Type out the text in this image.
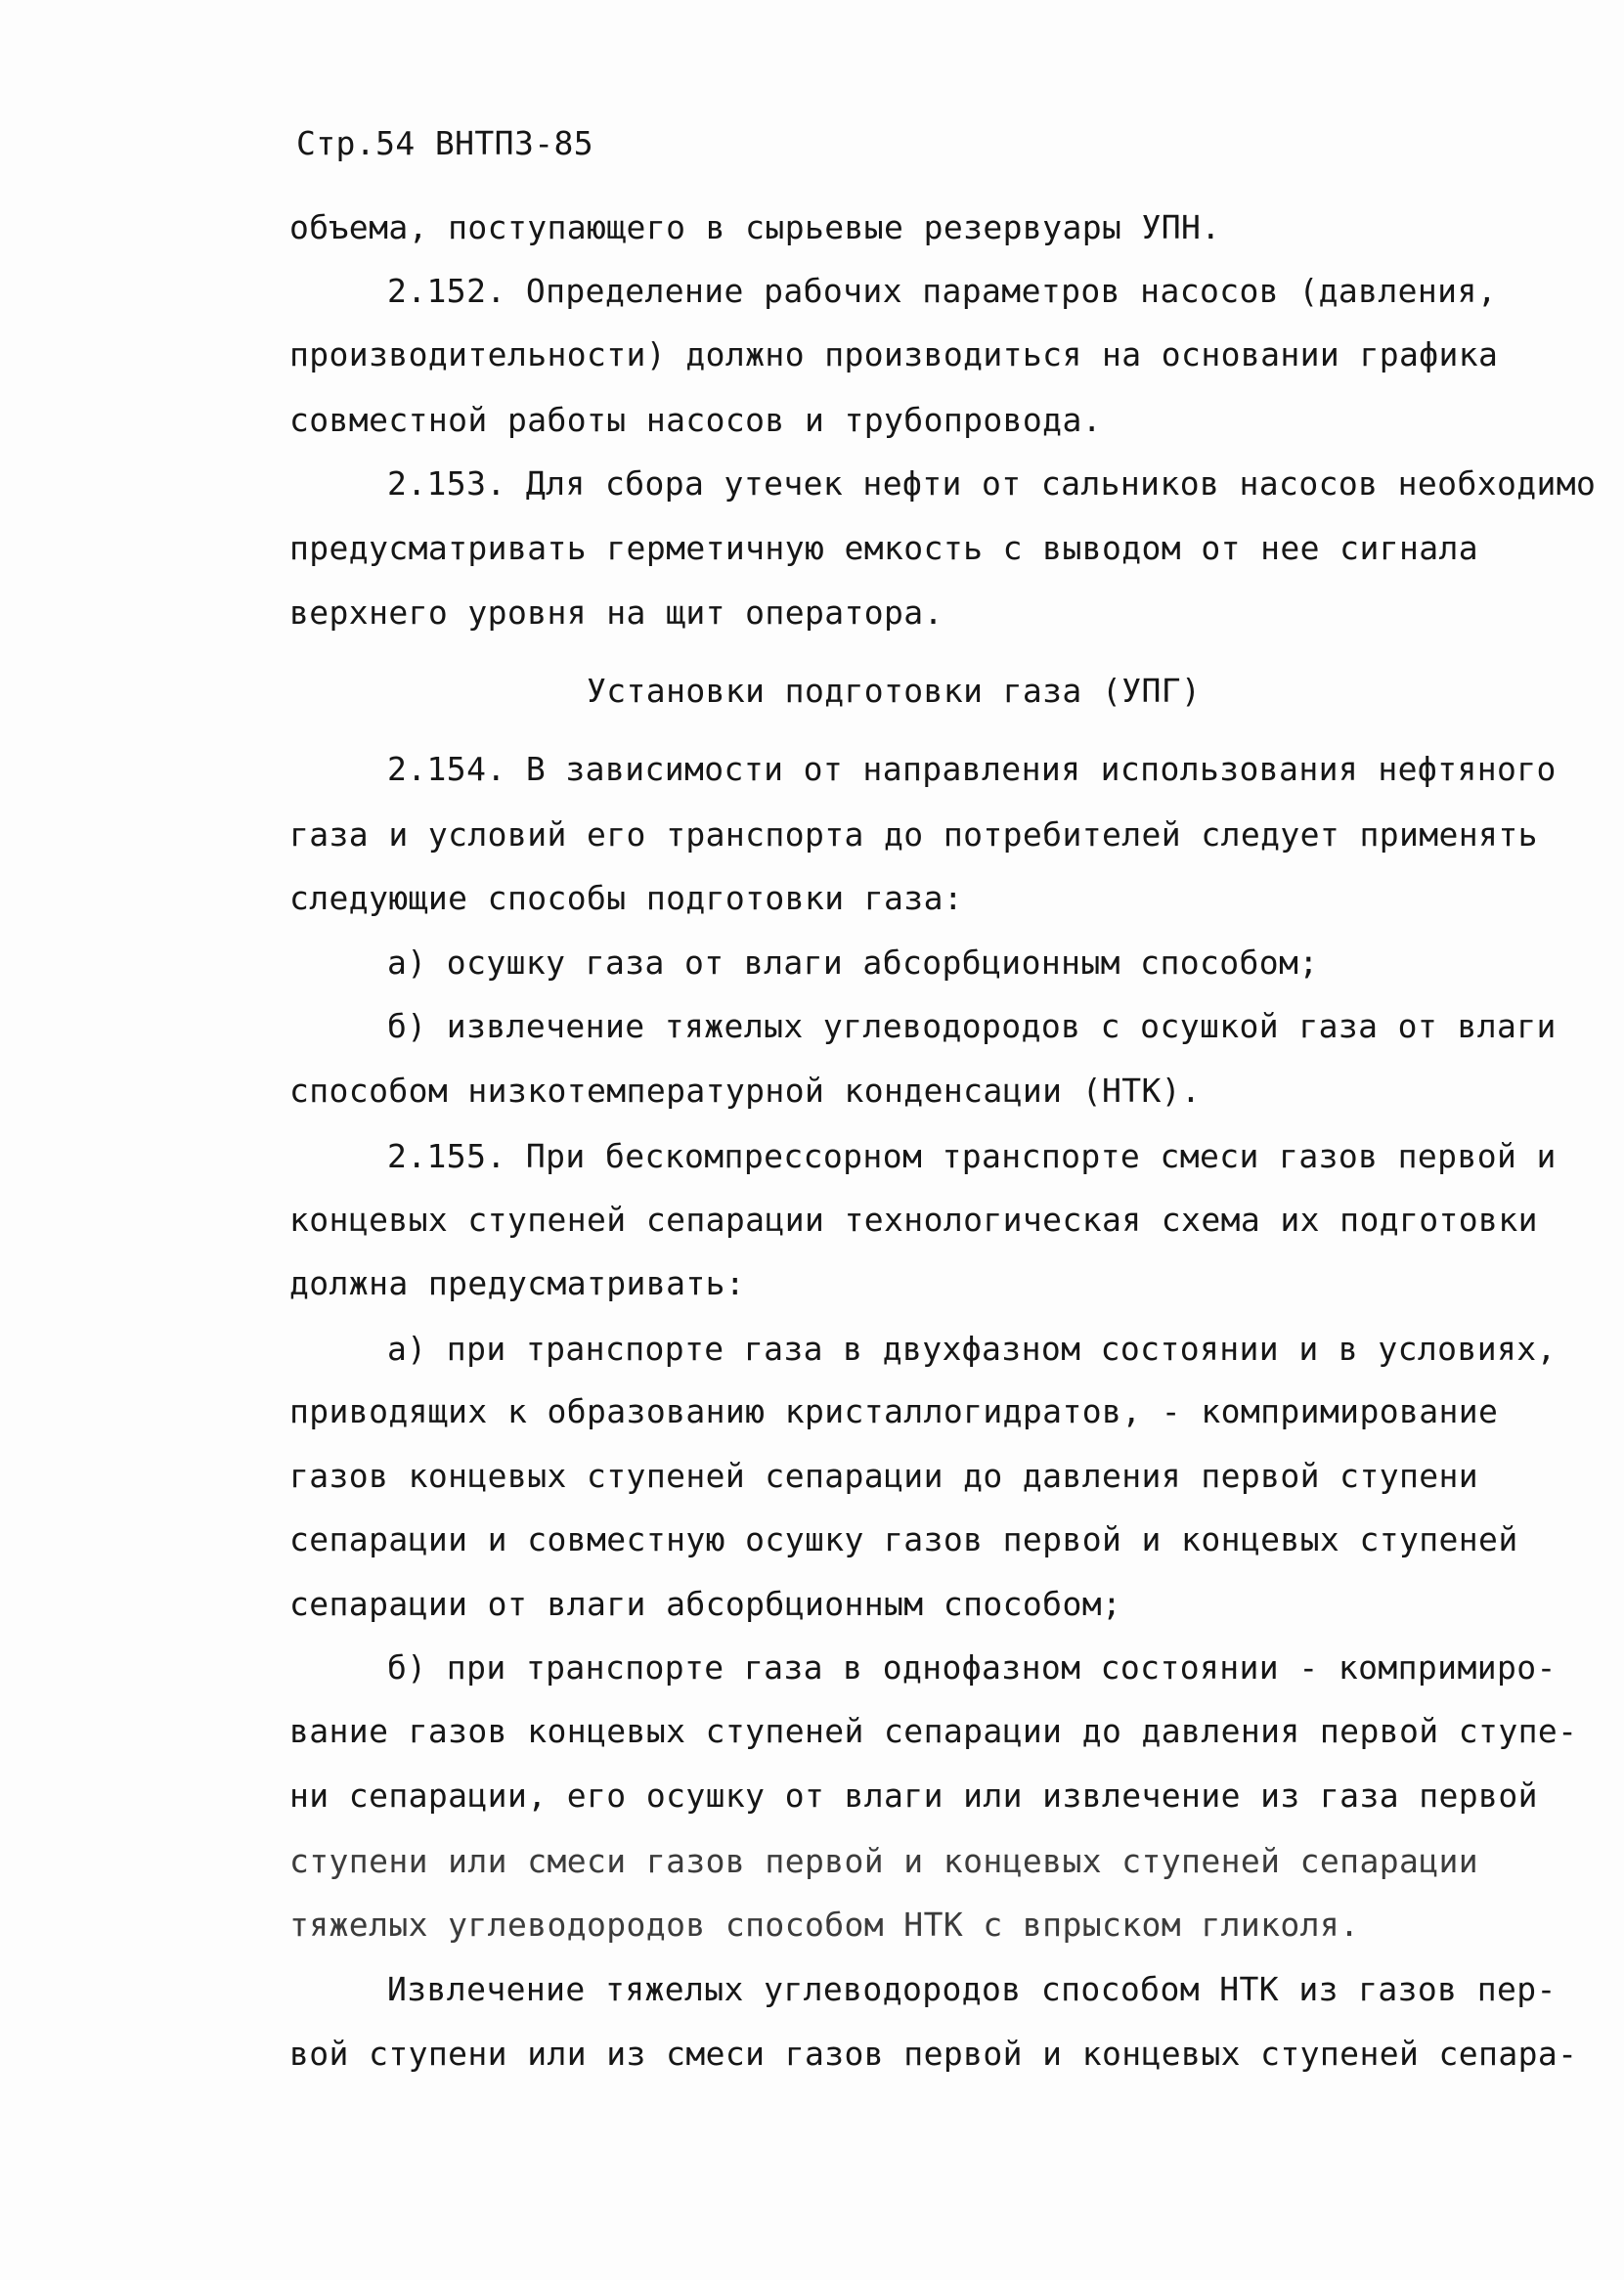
Стр.54 ВНТП3-85
объема, поступающего в сырьевые резервуары УПН.
2.152. Определение рабочих параметров насосов (давления,
производительности) должно производиться на основании графика
совместной работы насосов и трубопровода.
2.153. Для сбора утечек нефти от сальников насосов необходимо
предусматривать герметичную емкость с выводом от нее сигнала
верхнего уровня на щит оператора.
Установки подготовки газа (УПГ)
2.154. В зависимости от направления использования нефтяного
газа и условий его транспорта до потребителей следует применять
следующие способы подготовки газа:
а) осушку газа от влаги абсорбционным способом;
б) извлечение тяжелых углеводородов с осушкой газа от влаги
способом низкотемпературной конденсации (НТК).
2.155. При бескомпрессорном транспорте смеси газов первой и
концевых ступеней сепарации технологическая схема их подготовки
должна предусматривать:
а) при транспорте газа в двухфазном состоянии и в условиях,
приводящих к образованию кристаллогидратов, - компримирование
газов концевых ступеней сепарации до давления первой ступени
сепарации и совместную осушку газов первой и концевых ступеней
сепарации от влаги абсорбционным способом;
б) при транспорте газа в однофазном состоянии - компримиро-
вание газов концевых ступеней сепарации до давления первой ступе-
ни сепарации, его осушку от влаги или извлечение из газа первой
ступени или смеси газов первой и концевых ступеней сепарации
тяжелых углеводородов способом НТК с впрыском гликоля.
Извлечение тяжелых углеводородов способом НТК из газов пер-
вой ступени или из смеси газов первой и концевых ступеней сепара-
